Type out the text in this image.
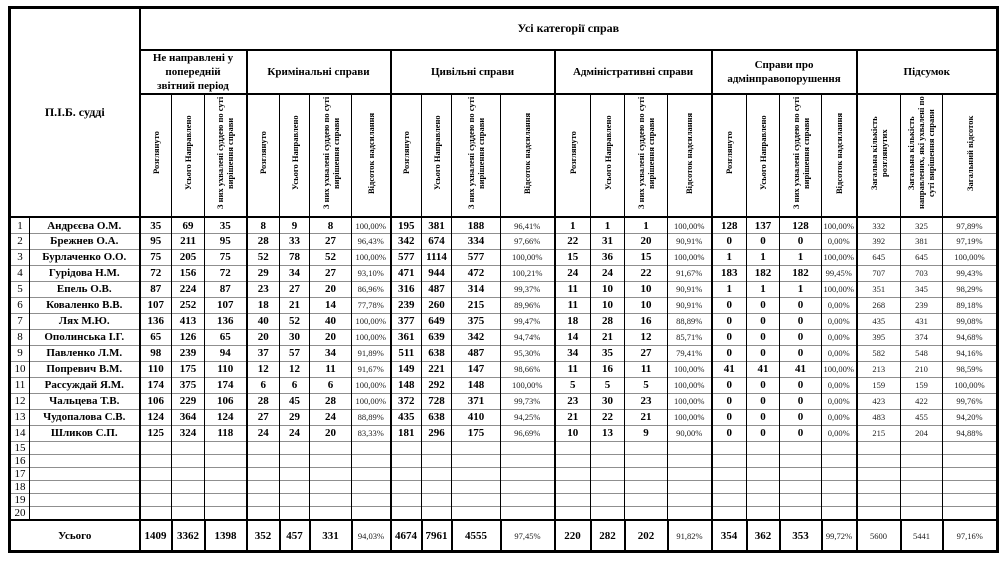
П.І.Б. судді		Усі категорії справ																					
		Не направлені у попередній звітний період			Кримінальні справи				Цивільні справи				Адміністративні справи				Справи про адмінправопорушення				Підсумок		
		Розглянуто	Усього Направлено	З них ухвалені суддею по суті вирішення справи	Розглянуто	Усього Направлено	З них ухвалені суддею по суті вирішення справи	Відсоток надсилання	Розглянуто	Усього Направлено	З них ухвалені суддею по суті вирішення справи	Відсоток надсилання	Розглянуто	Усього Направлено	З них ухвалені суддею по суті вирішення справи	Відсоток надсилання	Розглянуто	Усього Направлено	З них ухвалені суддею по суті вирішення справи	Відсоток надсилання	Загальна кількість розглянутих	Загальна кількість направлених, які ухвалені по суті вирішення справи	Загальний відсоток
1	Андрєєва О.М.	35	69	35	8	9	8	100,00%	195	381	188	96,41%	1	1	1	100,00%	128	137	128	100,00%	332	325	97,89%
2	Брежнев О.А.	95	211	95	28	33	27	96,43%	342	674	334	97,66%	22	31	20	90,91%	0	0	0	0,00%	392	381	97,19%
3	Бурлаченко О.О.	75	205	75	52	78	52	100,00%	577	1114	577	100,00%	15	36	15	100,00%	1	1	1	100,00%	645	645	100,00%
4	Гурідова Н.М.	72	156	72	29	34	27	93,10%	471	944	472	100,21%	24	24	22	91,67%	183	182	182	99,45%	707	703	99,43%
5	Епель О.В.	87	224	87	23	27	20	86,96%	316	487	314	99,37%	11	10	10	90,91%	1	1	1	100,00%	351	345	98,29%
6	Коваленко В.В.	107	252	107	18	21	14	77,78%	239	260	215	89,96%	11	10	10	90,91%	0	0	0	0,00%	268	239	89,18%
7	Лях М.Ю.	136	413	136	40	52	40	100,00%	377	649	375	99,47%	18	28	16	88,89%	0	0	0	0,00%	435	431	99,08%
8	Ополинська І.Г.	65	126	65	20	30	20	100,00%	361	639	342	94,74%	14	21	12	85,71%	0	0	0	0,00%	395	374	94,68%
9	Павленко Л.М.	98	239	94	37	57	34	91,89%	511	638	487	95,30%	34	35	27	79,41%	0	0	0	0,00%	582	548	94,16%
10	Попревич В.М.	110	175	110	12	12	11	91,67%	149	221	147	98,66%	11	16	11	100,00%	41	41	41	100,00%	213	210	98,59%
11	Рассуждай Я.М.	174	375	174	6	6	6	100,00%	148	292	148	100,00%	5	5	5	100,00%	0	0	0	0,00%	159	159	100,00%
12	Чальцева Т.В.	106	229	106	28	45	28	100,00%	372	728	371	99,73%	23	30	23	100,00%	0	0	0	0,00%	423	422	99,76%
13	Чудопалова С.В.	124	364	124	27	29	24	88,89%	435	638	410	94,25%	21	22	21	100,00%	0	0	0	0,00%	483	455	94,20%
14	Шликов С.П.	125	324	118	24	24	20	83,33%	181	296	175	96,69%	10	13	9	90,00%	0	0	0	0,00%	215	204	94,88%
15																							
16																							
17																							
18																							
19																							
20																							
Усього		1409	3362	1398	352	457	331	94,03%	4674	7961	4555	97,45%	220	282	202	91,82%	354	362	353	99,72%	5600	5441	97,16%
